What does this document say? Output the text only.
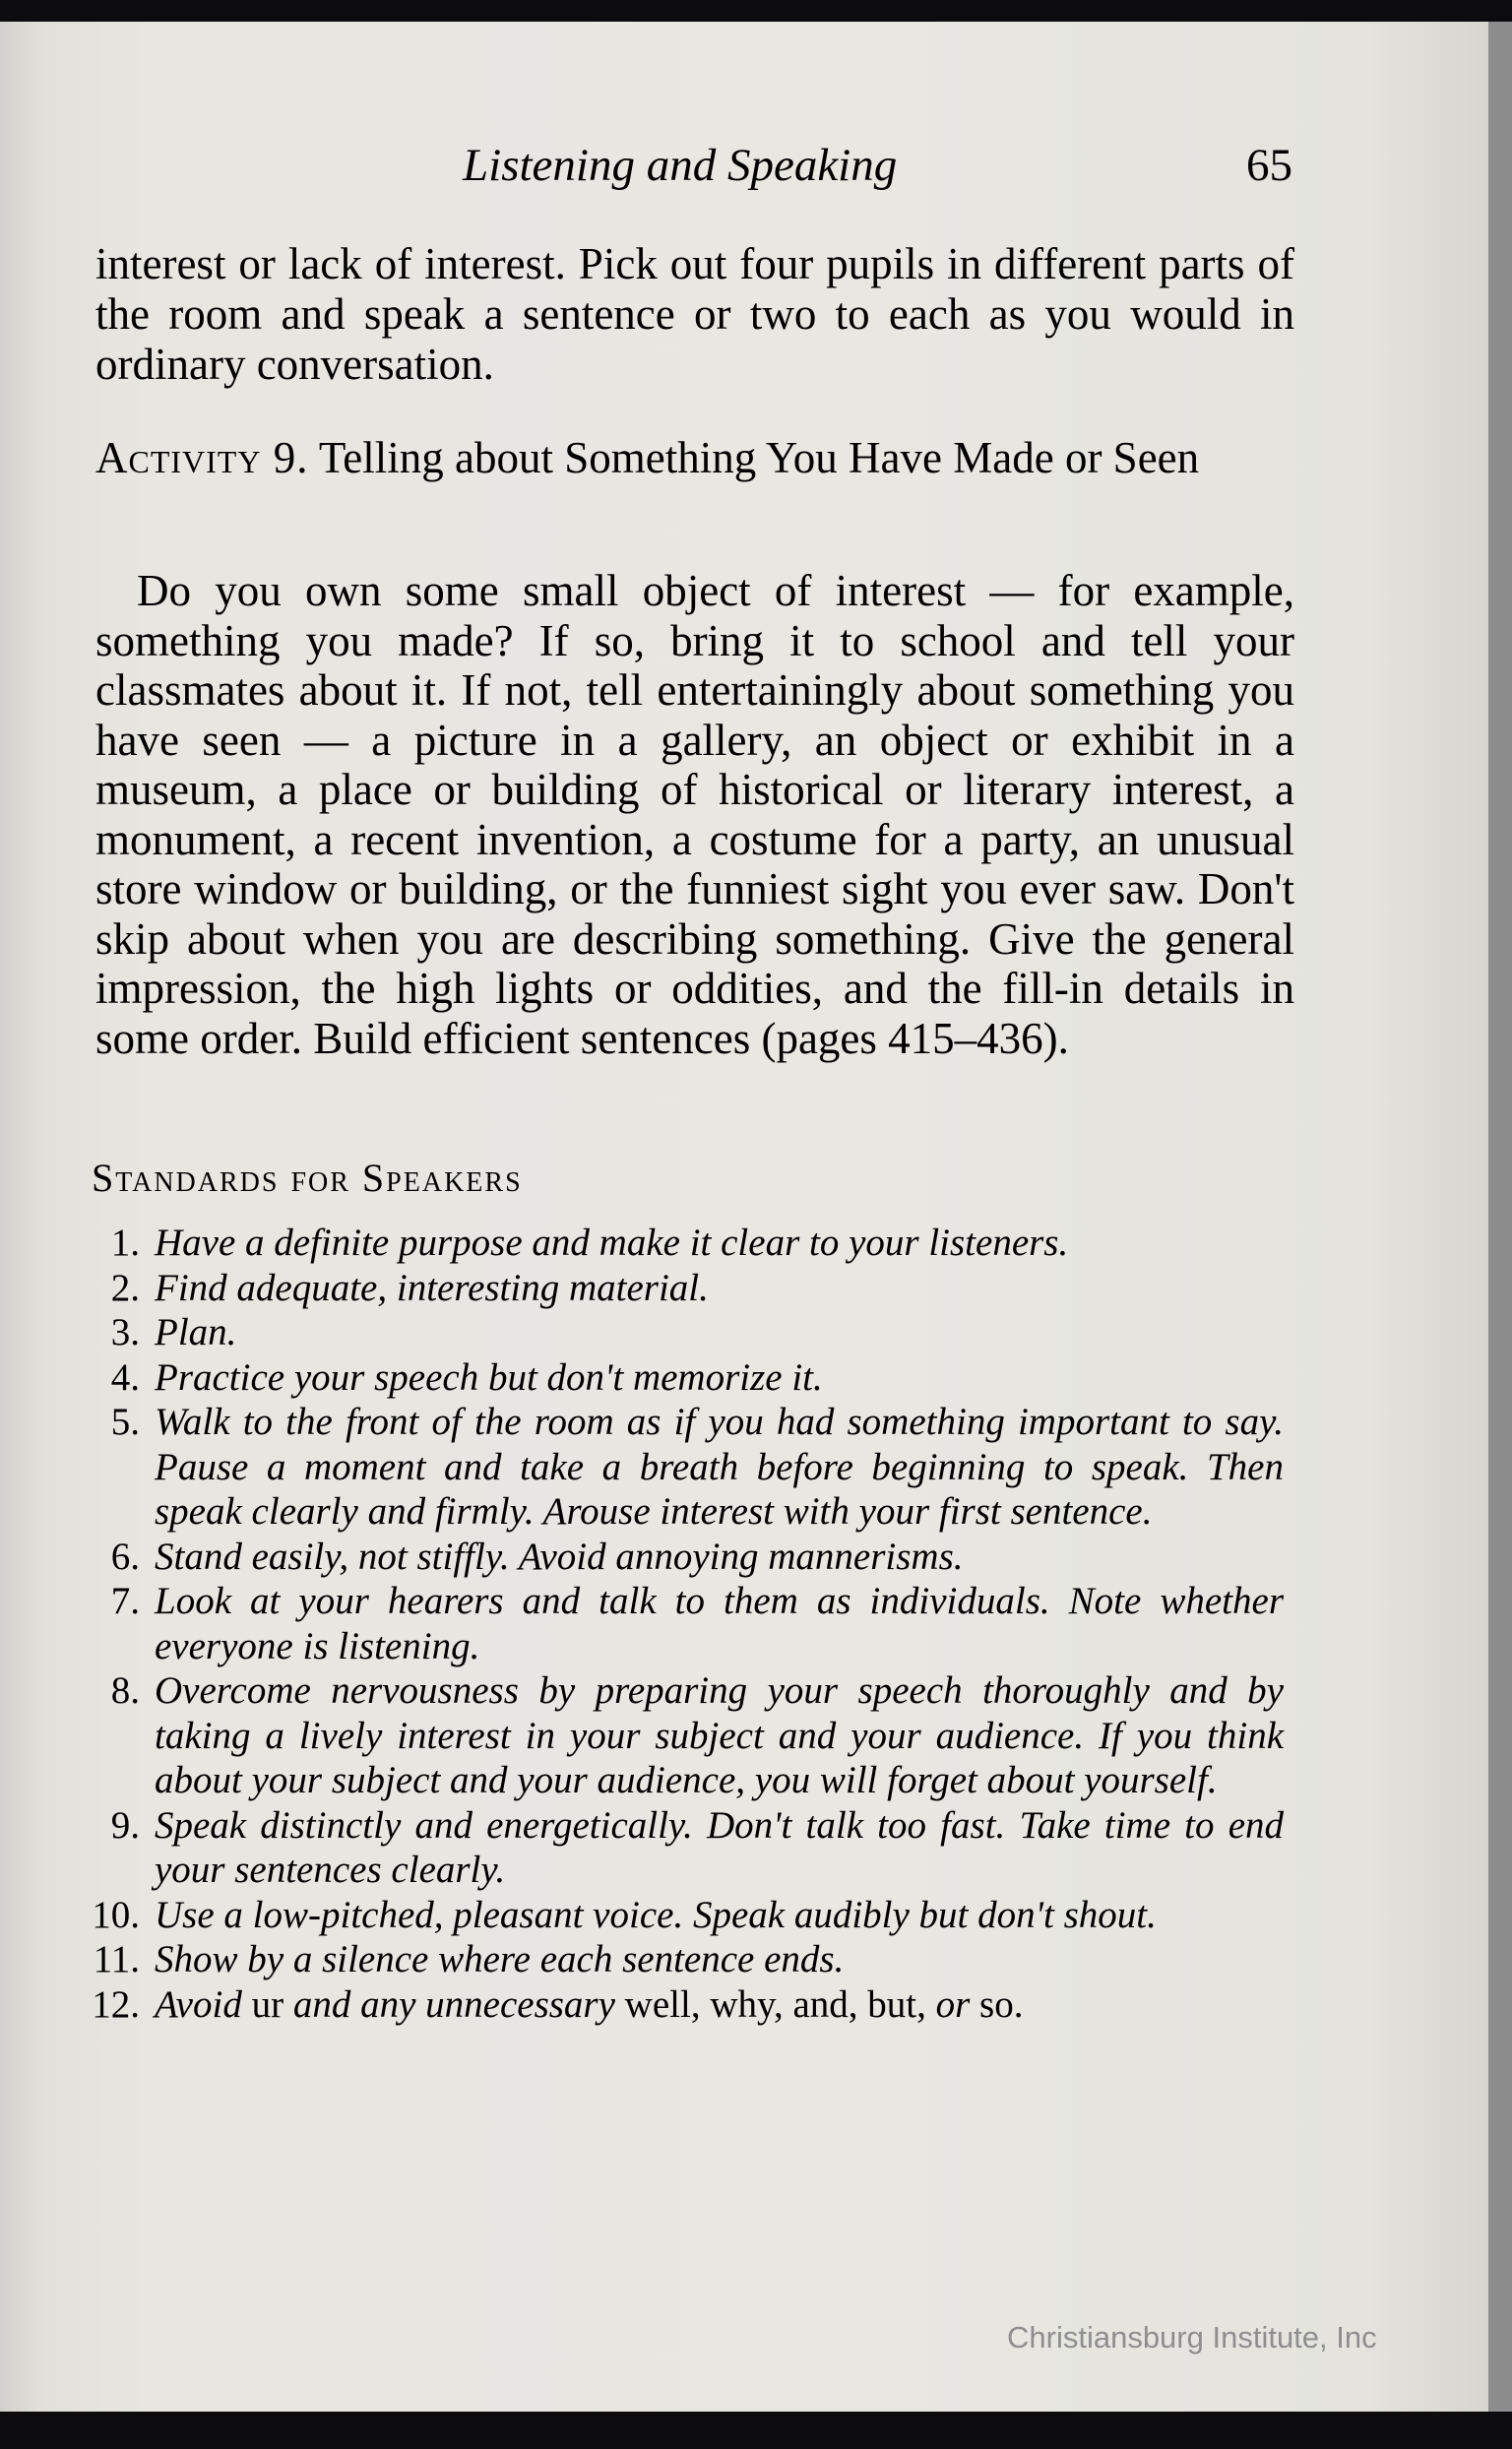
Listening and Speaking	65

interest or lack of interest. Pick out four pupils in different parts of the room and speak a sentence or two to each as you would in ordinary conversation.

Activity 9. Telling about Something You Have Made or Seen

Do you own some small object of interest — for example, something you made? If so, bring it to school and tell your classmates about it. If not, tell entertainingly about something you have seen — a picture in a gallery, an object or exhibit in a museum, a place or building of historical or literary interest, a monument, a recent invention, a costume for a party, an unusual store window or building, or the funniest sight you ever saw. Don't skip about when you are describing something. Give the general impression, the high lights or oddities, and the fill-in details in some order. Build efficient sentences (pages 415–436).

Standards for Speakers
1. Have a definite purpose and make it clear to your listeners.
2. Find adequate, interesting material.
3. Plan.
4. Practice your speech but don't memorize it.
5. Walk to the front of the room as if you had something important to say. Pause a moment and take a breath before beginning to speak. Then speak clearly and firmly. Arouse interest with your first sentence.
6. Stand easily, not stiffly. Avoid annoying mannerisms.
7. Look at your hearers and talk to them as individuals. Note whether everyone is listening.
8. Overcome nervousness by preparing your speech thoroughly and by taking a lively interest in your subject and your audience. If you think about your subject and your audience, you will forget about yourself.
9. Speak distinctly and energetically. Don't talk too fast. Take time to end your sentences clearly.
10. Use a low-pitched, pleasant voice. Speak audibly but don't shout.
11. Show by a silence where each sentence ends.
12. Avoid ur and any unnecessary well, why, and, but, or so.
Christiansburg Institute, Inc
